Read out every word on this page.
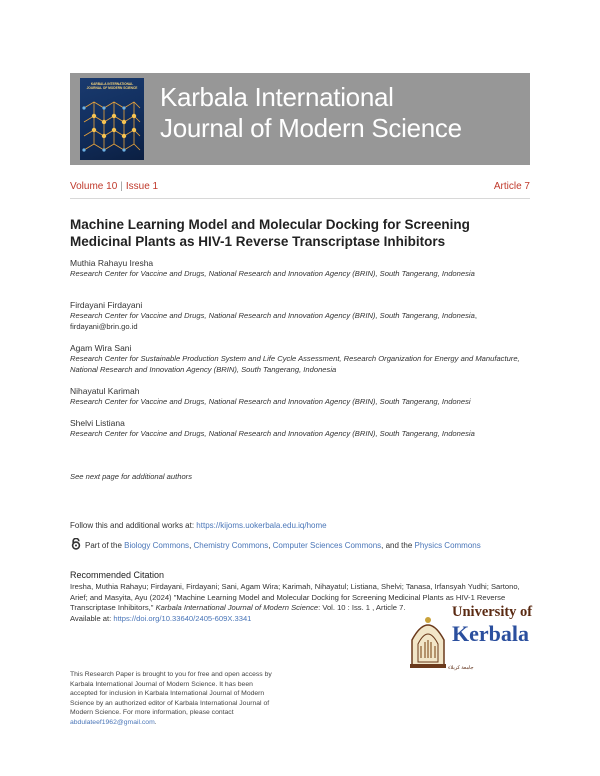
KARBALA INTERNATIONAL JOURNAL OF MODERN SCIENCE Karbala International
Journal of Modern Science
Volume 10 | Issue 1	Article 7
Machine Learning Model and Molecular Docking for Screening Medicinal Plants as HIV-1 Reverse Transcriptase Inhibitors
Muthia Rahayu Iresha
Research Center for Vaccine and Drugs, National Research and Innovation Agency (BRIN), South Tangerang, Indonesia
Firdayani Firdayani
Research Center for Vaccine and Drugs, National Research and Innovation Agency (BRIN), South Tangerang, Indonesia, firdayani@brin.go.id
Agam Wira Sani
Research Center for Sustainable Production System and Life Cycle Assessment, Research Organization for Energy and Manufacture, National Research and Innovation Agency (BRIN), South Tangerang, Indonesia
Nihayatul Karimah
Research Center for Vaccine and Drugs, National Research and Innovation Agency (BRIN), South Tangerang, Indonesi
Shelvi Listiana
Research Center for Vaccine and Drugs, National Research and Innovation Agency (BRIN), South Tangerang, Indonesia
See next page for additional authors
Follow this and additional works at: https://kijoms.uokerbala.edu.iq/home
Part of the Biology Commons, Chemistry Commons, Computer Sciences Commons, and the Physics Commons
Recommended Citation
Iresha, Muthia Rahayu; Firdayani, Firdayani; Sani, Agam Wira; Karimah, Nihayatul; Listiana, Shelvi; Tanasa, Irfansyah Yudhi; Sartono, Arief; and Masyita, Ayu (2024) "Machine Learning Model and Molecular Docking for Screening Medicinal Plants as HIV-1 Reverse Transcriptase Inhibitors," Karbala International Journal of Modern Science: Vol. 10 : Iss. 1 , Article 7.
Available at: https://doi.org/10.33640/2405-609X.3341
This Research Paper is brought to you for free and open access by Karbala International Journal of Modern Science. It has been accepted for inclusion in Karbala International Journal of Modern Science by an authorized editor of Karbala International Journal of Modern Science. For more information, please contact abdulateef1962@gmail.com.
University of
Kerbala
جامعة كربلاء
